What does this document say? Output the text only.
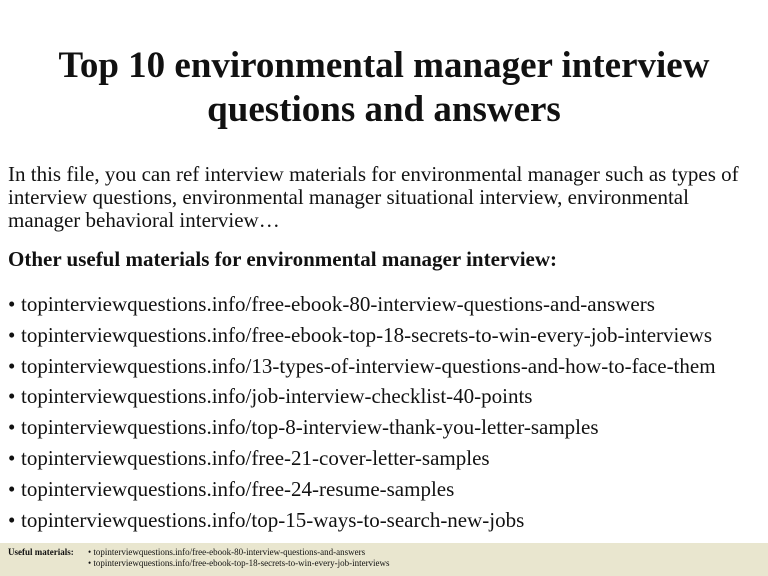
Top 10 environmental manager interview
questions and answers

In this file, you can ref interview materials for environmental manager such as types of interview questions, environmental manager situational interview, environmental manager behavioral interview…

Other useful materials for environmental manager interview:

• topinterviewquestions.info/free-ebook-80-interview-questions-and-answers
• topinterviewquestions.info/free-ebook-top-18-secrets-to-win-every-job-interviews
• topinterviewquestions.info/13-types-of-interview-questions-and-how-to-face-them
• topinterviewquestions.info/job-interview-checklist-40-points
• topinterviewquestions.info/top-8-interview-thank-you-letter-samples
• topinterviewquestions.info/free-21-cover-letter-samples
• topinterviewquestions.info/free-24-resume-samples
• topinterviewquestions.info/top-15-ways-to-search-new-jobs
Useful materials: • topinterviewquestions.info/free-ebook-80-interview-questions-and-answers
• topinterviewquestions.info/free-ebook-top-18-secrets-to-win-every-job-interviews
